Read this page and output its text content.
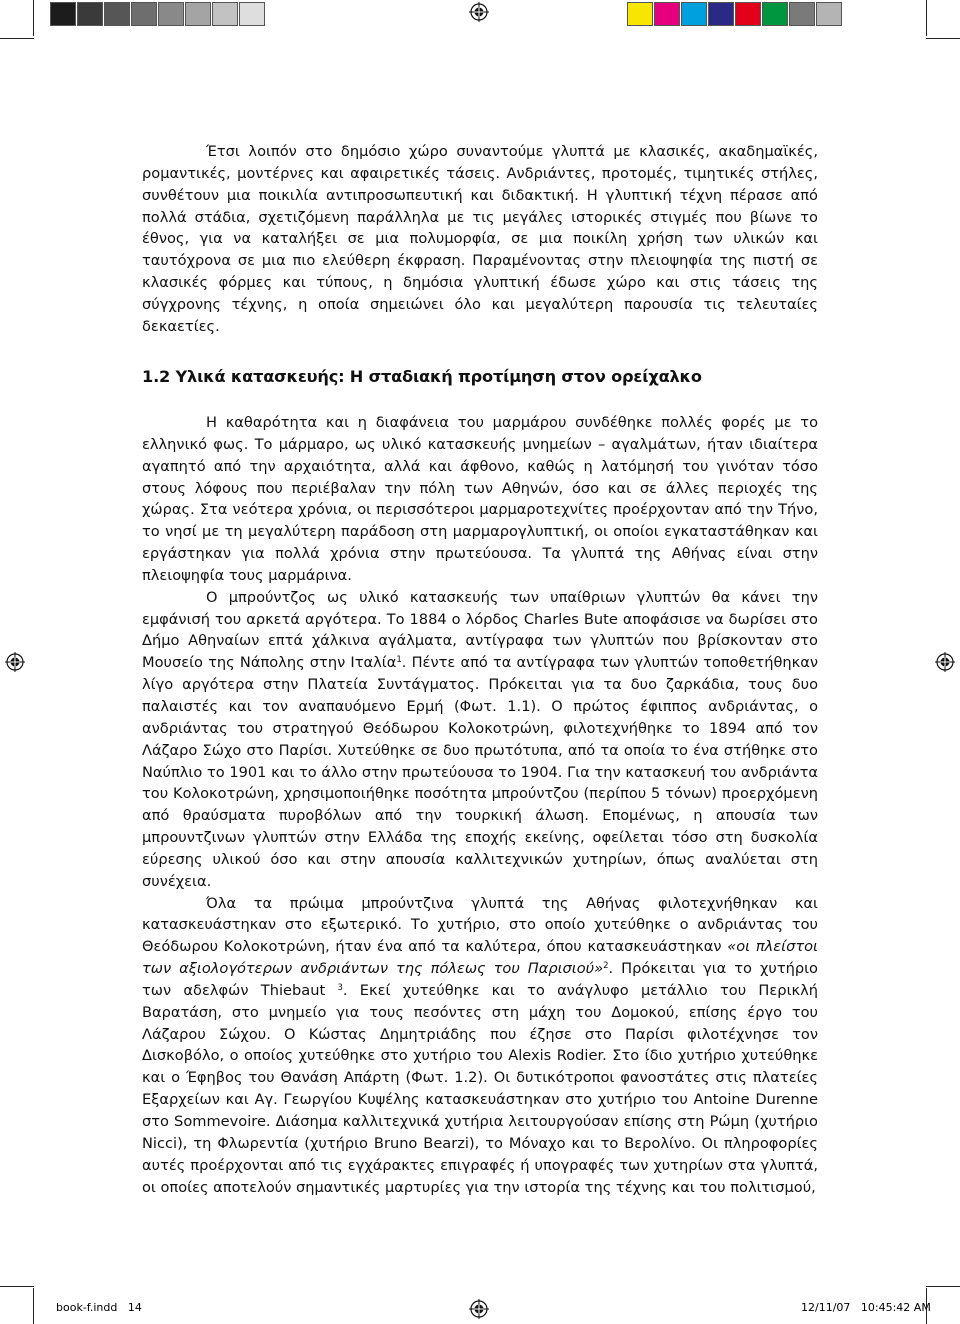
Έτσι λοιπόν στο δημόσιο χώρο συναντούμε γλυπτά με κλασικές, ακαδημαϊκές, ρομαντικές, μοντέρνες και αφαιρετικές τάσεις. Ανδριάντες, προτομές, τιμητικές στήλες, συνθέτουν μια ποικιλία αντιπροσωπευτική και διδακτική. Η γλυπτική τέχνη πέρασε από πολλά στάδια, σχετιζόμενη παράλληλα με τις μεγάλες ιστορικές στιγμές που βίωνε το έθνος, για να καταλήξει σε μια πολυμορφία, σε μια ποικίλη χρήση των υλικών και ταυτόχρονα σε μια πιο ελεύθερη έκφραση. Παραμένοντας στην πλειοψηφία της πιστή σε κλασικές φόρμες και τύπους, η δημόσια γλυπτική έδωσε χώρο και στις τάσεις της σύγχρονης τέχνης, η οποία σημειώνει όλο και μεγαλύτερη παρουσία τις τελευταίες δεκαετίες.

1.2 Υλικά κατασκευής: Η σταδιακή προτίμηση στον ορείχαλκο

Η καθαρότητα και η διαφάνεια του μαρμάρου συνδέθηκε πολλές φορές με το ελληνικό φως. Το μάρμαρο, ως υλικό κατασκευής μνημείων – αγαλμάτων, ήταν ιδιαίτερα αγαπητό από την αρχαιότητα, αλλά και άφθονο, καθώς η λατόμησή του γινόταν τόσο στους λόφους που περιέβαλαν την πόλη των Αθηνών, όσο και σε άλλες περιοχές της χώρας. Στα νεότερα χρόνια, οι περισσότεροι μαρμαροτεχνίτες προέρχονταν από την Τήνο, το νησί με τη μεγαλύτερη παράδοση στη μαρμαρογλυπτική, οι οποίοι εγκαταστάθηκαν και εργάστηκαν για πολλά χρόνια στην πρωτεύουσα. Τα γλυπτά της Αθήνας είναι στην πλειοψηφία τους μαρμάρινα.

Ο μπρούντζος ως υλικό κατασκευής των υπαίθριων γλυπτών θα κάνει την εμφάνισή του αρκετά αργότερα. Το 1884 ο λόρδος Charles Bute αποφάσισε να δωρίσει στο Δήμο Αθηναίων επτά χάλκινα αγάλματα, αντίγραφα των γλυπτών που βρίσκονταν στο Μουσείο της Νάπολης στην Ιταλία$^1$. Πέντε από τα αντίγραφα των γλυπτών τοποθετήθηκαν λίγο αργότερα στην Πλατεία Συντάγματος. Πρόκειται για τα δυο ζαρκάδια, τους δυο παλαιστές και τον αναπαυόμενο Ερμή (Φωτ. 1.1). Ο πρώτος έφιππος ανδριάντας, ο ανδριάντας του στρατηγού Θεόδωρου Κολοκοτρώνη, φιλοτεχνήθηκε το 1894 από τον Λάζαρο Σώχο στο Παρίσι. Χυτεύθηκε σε δυο πρωτότυπα, από τα οποία το ένα στήθηκε στο Ναύπλιο το 1901 και το άλλο στην πρωτεύουσα το 1904. Για την κατασκευή του ανδριάντα του Κολοκοτρώνη, χρησιμοποιήθηκε ποσότητα μπρούντζου (περίπου 5 τόνων) προερχόμενη από θραύσματα πυροβόλων από την τουρκική άλωση. Επομένως, η απουσία των μπρουντζινων γλυπτών στην Ελλάδα της εποχής εκείνης, οφείλεται τόσο στη δυσκολία εύρεσης υλικού όσο και στην απουσία καλλιτεχνικών χυτηρίων, όπως αναλύεται στη συνέχεια.

Όλα τα πρώιμα μπρούντζινα γλυπτά της Αθήνας φιλοτεχνήθηκαν και κατασκευάστηκαν στο εξωτερικό. Το χυτήριο, στο οποίο χυτεύθηκε ο ανδριάντας του Θεόδωρου Κολοκοτρώνη, ήταν ένα από τα καλύτερα, όπου κατασκευάστηκαν «οι πλείστοι των αξιολογότερων ανδριάντων της πόλεως του Παρισιού»$^2$. Πρόκειται για το χυτήριο των αδελφών Thiebaut $^3$. Εκεί χυτεύθηκε και το ανάγλυφο μετάλλιο του Περικλή Βαρατάση, στο μνημείο για τους πεσόντες στη μάχη του Δομοκού, επίσης έργο του Λάζαρου Σώχου. Ο Κώστας Δημητριάδης που έζησε στο Παρίσι φιλοτέχνησε τον Δισκοβόλο, ο οποίος χυτεύθηκε στο χυτήριο του Alexis Rodier. Στο ίδιο χυτήριο χυτεύθηκε και ο Έφηβος του Θανάση Απάρτη (Φωτ. 1.2). Οι δυτικότροποι φανοστάτες στις πλατείες Εξαρχείων και Αγ. Γεωργίου Κυψέλης κατασκευάστηκαν στο χυτήριο του Antoine Durenne στο Sommevoire. Διάσημα καλλιτεχνικά χυτήρια λειτουργούσαν επίσης στη Ρώμη (χυτήριο Nicci), τη Φλωρεντία (χυτήριο Bruno Bearzi), το Μόναχο και το Βερολίνο. Οι πληροφορίες αυτές προέρχονται από τις εγχάρακτες επιγραφές ή υπογραφές των χυτηρίων στα γλυπτά, οι οποίες αποτελούν σημαντικές μαρτυρίες για την ιστορία της τέχνης και του πολιτισμού,

book-f.indd   14	12/11/07   10:45:42 AM
